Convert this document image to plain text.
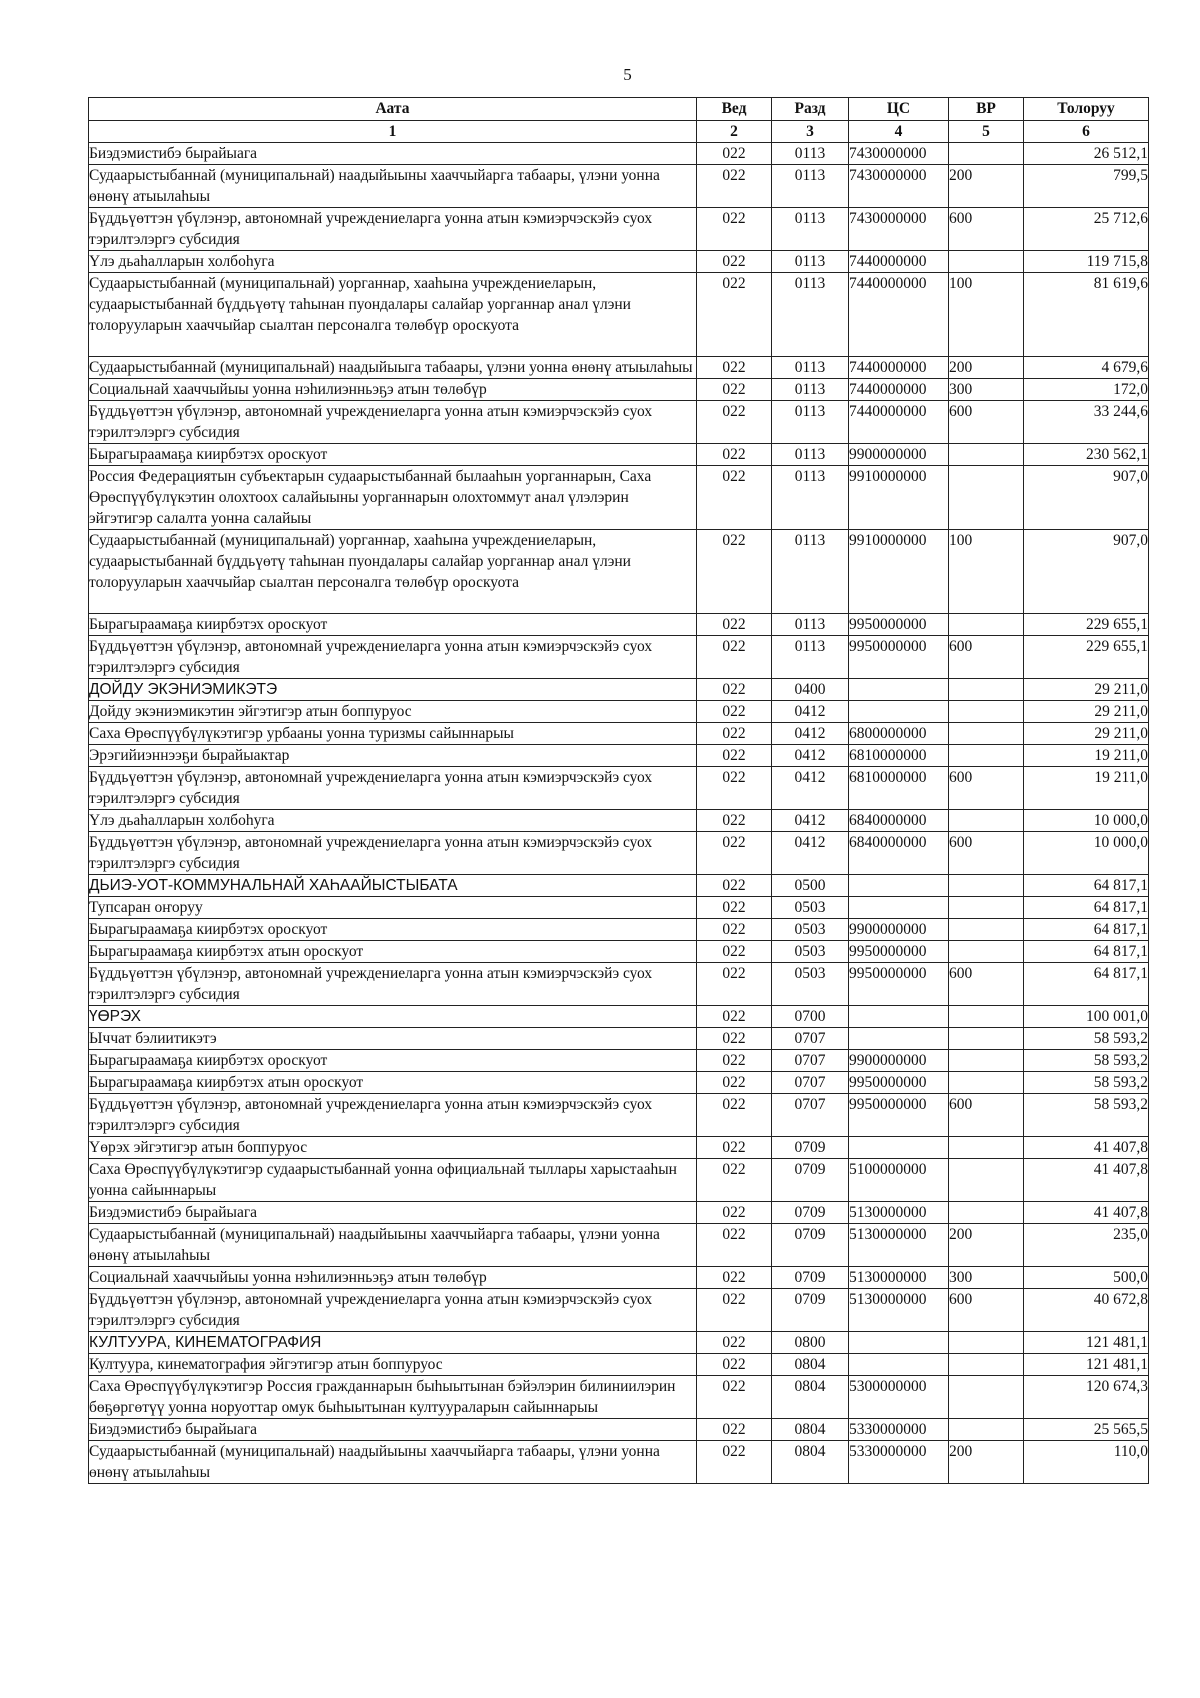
5
Аата	Вед	Разд	ЦС	ВР	Толоруу
1	2	3	4	5	6
Биэдэмистибэ бырайыага	022	0113	7430000000		26 512,1
Судаарыстыбаннай (муниципальнай) наадыйыыны хааччыйарга табаары, үлэни уонна өнөнү атыылаһыы	022	0113	7430000000	200	799,5
Бүддьүөттэн үбүлэнэр, автономнай учреждениеларга уонна атын кэмиэрчэскэйэ суох тэрилтэлэргэ субсидия	022	0113	7430000000	600	25 712,6
Үлэ дьаһалларын холбоһуга	022	0113	7440000000		119 715,8
Судаарыстыбаннай (муниципальнай) уорганнар, хааһына учреждениеларын, судаарыстыбаннай бүддьүөтү таһынан пуондалары салайар уорганнар анал үлэни толорууларын хааччыйар сыалтан персоналга төлөбүр ороскуота	022	0113	7440000000	100	81 619,6
Судаарыстыбаннай (муниципальнай) наадыйыыга табаары, үлэни уонна өнөнү атыылаһыы	022	0113	7440000000	200	4 679,6
Социальнай хааччыйыы уонна нэһилиэнньэҕэ атын төлөбүр	022	0113	7440000000	300	172,0
Бүддьүөттэн үбүлэнэр, автономнай учреждениеларга уонна атын кэмиэрчэскэйэ суох тэрилтэлэргэ субсидия	022	0113	7440000000	600	33 244,6
Бырагыраамаҕа киирбэтэх ороскуот	022	0113	9900000000		230 562,1
Россия Федерациятын субъектарын судаарыстыбаннай былааһын уорганнарын, Саха Өрөспүүбүлүкэтин олохтоох салайыыны уорганнарын олохтоммут анал үлэлэрин эйгэтигэр салалта уонна салайыы	022	0113	9910000000		907,0
Судаарыстыбаннай (муниципальнай) уорганнар, хааһына учреждениеларын, судаарыстыбаннай бүддьүөтү таһынан пуондалары салайар уорганнар анал үлэни толорууларын хааччыйар сыалтан персоналга төлөбүр ороскуота	022	0113	9910000000	100	907,0
Бырагыраамаҕа киирбэтэх ороскуот	022	0113	9950000000		229 655,1
Бүддьүөттэн үбүлэнэр, автономнай учреждениеларга уонна атын кэмиэрчэскэйэ суох тэрилтэлэргэ субсидия	022	0113	9950000000	600	229 655,1
ДОЙДУ ЭКЭНИЭМИКЭТЭ	022	0400			29 211,0
Дойду экэниэмикэтин эйгэтигэр атын боппуруос	022	0412			29 211,0
Саха Өрөспүүбүлүкэтигэр урбааны уонна туризмы сайыннарыы	022	0412	6800000000		29 211,0
Эрэгийиэннээҕи бырайыактар	022	0412	6810000000		19 211,0
Бүддьүөттэн үбүлэнэр, автономнай учреждениеларга уонна атын кэмиэрчэскэйэ суох тэрилтэлэргэ субсидия	022	0412	6810000000	600	19 211,0
Үлэ дьаһалларын холбоһуга	022	0412	6840000000		10 000,0
Бүддьүөттэн үбүлэнэр, автономнай учреждениеларга уонна атын кэмиэрчэскэйэ суох тэрилтэлэргэ субсидия	022	0412	6840000000	600	10 000,0
ДЬИЭ-УОТ-КОММУНАЛЬНАЙ ХАҺААЙЫСТЫБАТА	022	0500			64 817,1
Тупсаран оҥоруу	022	0503			64 817,1
Бырагыраамаҕа киирбэтэх ороскуот	022	0503	9900000000		64 817,1
Бырагыраамаҕа киирбэтэх атын ороскуот	022	0503	9950000000		64 817,1
Бүддьүөттэн үбүлэнэр, автономнай учреждениеларга уонна атын кэмиэрчэскэйэ суох тэрилтэлэргэ субсидия	022	0503	9950000000	600	64 817,1
ҮӨРЭХ	022	0700			100 001,0
Ыччат бэлиитикэтэ	022	0707			58 593,2
Бырагыраамаҕа киирбэтэх ороскуот	022	0707	9900000000		58 593,2
Бырагыраамаҕа киирбэтэх атын ороскуот	022	0707	9950000000		58 593,2
Бүддьүөттэн үбүлэнэр, автономнай учреждениеларга уонна атын кэмиэрчэскэйэ суох тэрилтэлэргэ субсидия	022	0707	9950000000	600	58 593,2
Үөрэх эйгэтигэр атын боппуруос	022	0709			41 407,8
Саха Өрөспүүбүлүкэтигэр судаарыстыбаннай уонна официальнай тыллары харыстааһын уонна сайыннарыы	022	0709	5100000000		41 407,8
Биэдэмистибэ бырайыага	022	0709	5130000000		41 407,8
Судаарыстыбаннай (муниципальнай) наадыйыыны хааччыйарга табаары, үлэни уонна өнөнү атыылаһыы	022	0709	5130000000	200	235,0
Социальнай хааччыйыы уонна нэһилиэнньэҕэ атын төлөбүр	022	0709	5130000000	300	500,0
Бүддьүөттэн үбүлэнэр, автономнай учреждениеларга уонна атын кэмиэрчэскэйэ суох тэрилтэлэргэ субсидия	022	0709	5130000000	600	40 672,8
КУЛТУУРА, КИНЕМАТОГРАФИЯ	022	0800			121 481,1
Култуура, кинематография эйгэтигэр атын боппуруос	022	0804			121 481,1
Саха Өрөспүүбүлүкэтигэр Россия гражданнарын быһыытынан бэйэлэрин билиниилэрин бөҕөргөтүү уонна норуоттар омук быһыытынан култуураларын сайыннарыы	022	0804	5300000000		120 674,3
Биэдэмистибэ бырайыага	022	0804	5330000000		25 565,5
Судаарыстыбаннай (муниципальнай) наадыйыыны хааччыйарга табаары, үлэни уонна өнөнү атыылаһыы	022	0804	5330000000	200	110,0
